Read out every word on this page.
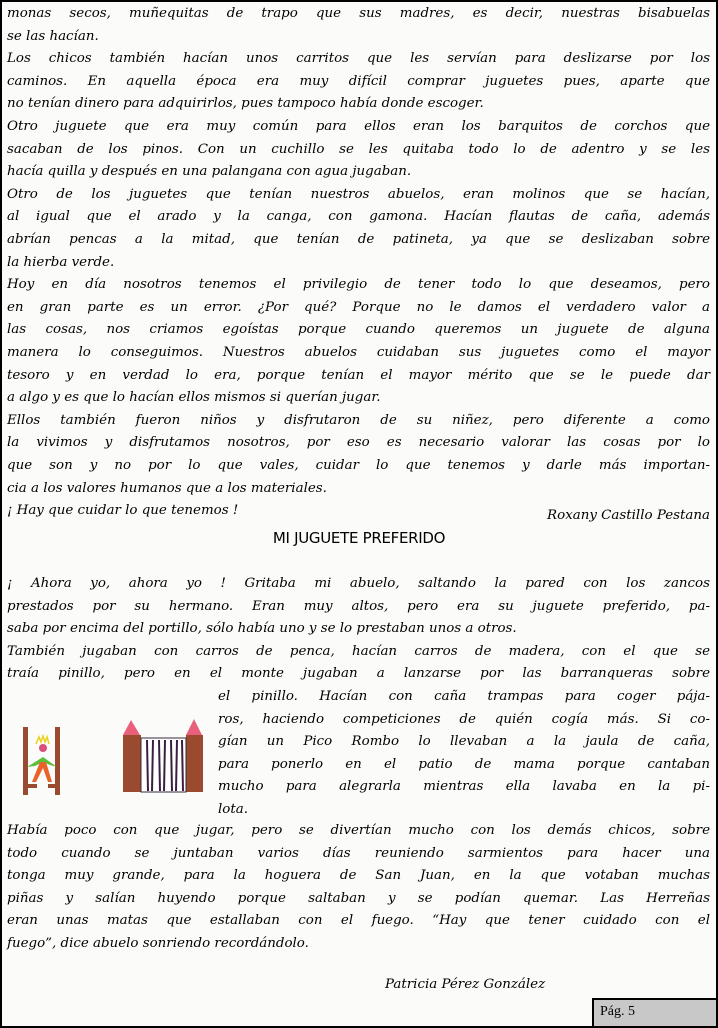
monas secos, muñequitas de trapo que sus madres, es decir, nuestras bisabuelas
se las hacían.
Los chicos también hacían unos carritos que les servían para deslizarse por los
caminos. En aquella época era muy difícil comprar juguetes pues, aparte que
no tenían dinero para adquirirlos, pues tampoco había donde escoger.
Otro juguete que era muy común para ellos eran los barquitos de corchos que
sacaban de los pinos. Con un cuchillo se les quitaba todo lo de adentro y se les
hacía quilla y después en una palangana con agua jugaban.
Otro de los juguetes que tenían nuestros abuelos, eran molinos que se hacían,
al igual que el arado y la canga, con gamona. Hacían flautas de caña, además
abrían pencas a la mitad, que tenían de patineta, ya que se deslizaban sobre
la hierba verde.
Hoy en día nosotros tenemos el privilegio de tener todo lo que deseamos, pero
en gran parte es un error. ¿Por qué? Porque no le damos el verdadero valor a
las cosas, nos criamos egoístas porque cuando queremos un juguete de alguna
manera lo conseguimos. Nuestros abuelos cuidaban sus juguetes como el mayor
tesoro y en verdad lo era, porque tenían el mayor mérito que se le puede dar
a algo y es que lo hacían ellos mismos si querían jugar.
Ellos también fueron niños y disfrutaron de su niñez, pero diferente a como
la vivimos y disfrutamos nosotros, por eso es necesario valorar las cosas por lo
que son y no por lo que vales, cuidar lo que tenemos y darle más importan-
cia a los valores humanos que a los materiales.
¡ Hay que cuidar lo que tenemos !	Roxany Castillo Pestana
MI JUGUETE PREFERIDO
¡ Ahora yo, ahora yo ! Gritaba mi abuelo, saltando la pared con los zancos
prestados por su hermano. Eran muy altos, pero era su juguete preferido, pa-
saba por encima del portillo, sólo había uno y se lo prestaban unos a otros.
También jugaban con carros de penca, hacían carros de madera, con el que se
traía pinillo, pero en el monte jugaban a lanzarse por las barranqueras sobre
el pinillo. Hacían con caña trampas para coger pája-
ros, haciendo competiciones de quién cogía más. Si co-
gían un Pico Rombo lo llevaban a la jaula de caña,
para ponerlo en el patio de mama porque cantaban
mucho para alegrarla mientras ella lavaba en la pi-
lota.
Había poco con que jugar, pero se divertían mucho con los demás chicos, sobre
todo cuando se juntaban varios días reuniendo sarmientos para hacer una
tonga muy grande, para la hoguera de San Juan, en la que votaban muchas
piñas y salían huyendo porque saltaban y se podían quemar. Las Herreñas
eran unas matas que estallaban con el fuego. “Hay que tener cuidado con el
fuego”, dice abuelo sonriendo recordándolo.
Patricia Pérez González
Pág. 5
